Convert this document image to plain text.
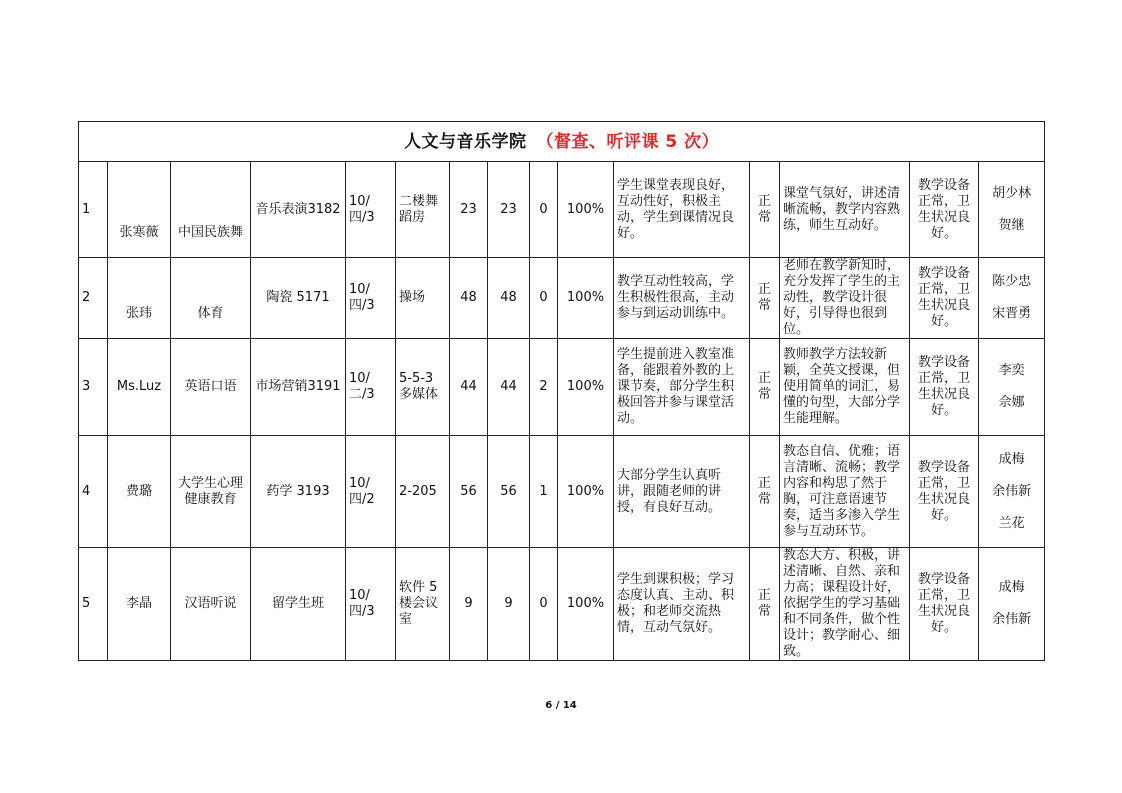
人文与音乐学院 （督查、听评课 5 次）														
1	张寒薇	中国民族舞	音乐表演3182	10/四/3	二楼舞蹈房	23	23	0	100%	学生课堂表现良好，互动性好，积极主动，学生到课情况良好。	正常	课堂气氛好，讲述清晰流畅，教学内容熟练，师生互动好。	教学设备正常，卫生状况良好。	胡少林
贺继

2	张玮	体育	陶瓷 5171	10/四/3	操场	48	48	0	100%	教学互动性较高，学生积极性很高，主动参与到运动训练中。	正常	老师在教学新知时，充分发挥了学生的主动性，教学设计很好，引导得也很到位。	教学设备正常，卫生状况良好。	陈少忠
宋晋勇

3	Ms.Luz	英语口语	市场营销3191	10/二/3	5-5-3多媒体	44	44	2	100%	学生提前进入教室准备，能跟着外教的上课节奏，部分学生积极回答并参与课堂活动。	正常	教师教学方法较新颖，全英文授课，但使用简单的词汇，易懂的句型，大部分学生能理解。	教学设备正常，卫生状况良好。	李奕
佘娜

4	费璐	大学生心理健康教育	药学 3193	10/四/2	2-205	56	56	1	100%	大部分学生认真听讲，跟随老师的讲授，有良好互动。	正常	教态自信、优雅；语言清晰、流畅；教学内容和构思了然于胸，可注意语速节奏，适当多渗入学生参与互动环节。	教学设备正常，卫生状况良好。	成梅
余伟新
兰花

5	李晶	汉语听说	留学生班	10/四/3	软件 5 楼会议室	9	9	0	100%	学生到课积极；学习态度认真、主动、积极；和老师交流热情，互动气氛好。	正常	教态大方、积极，讲述清晰、自然、亲和力高；课程设计好，依据学生的学习基础和不同条件，做个性设计；教学耐心、细致。	教学设备正常，卫生状况良好。	成梅
余伟新
6 / 14
